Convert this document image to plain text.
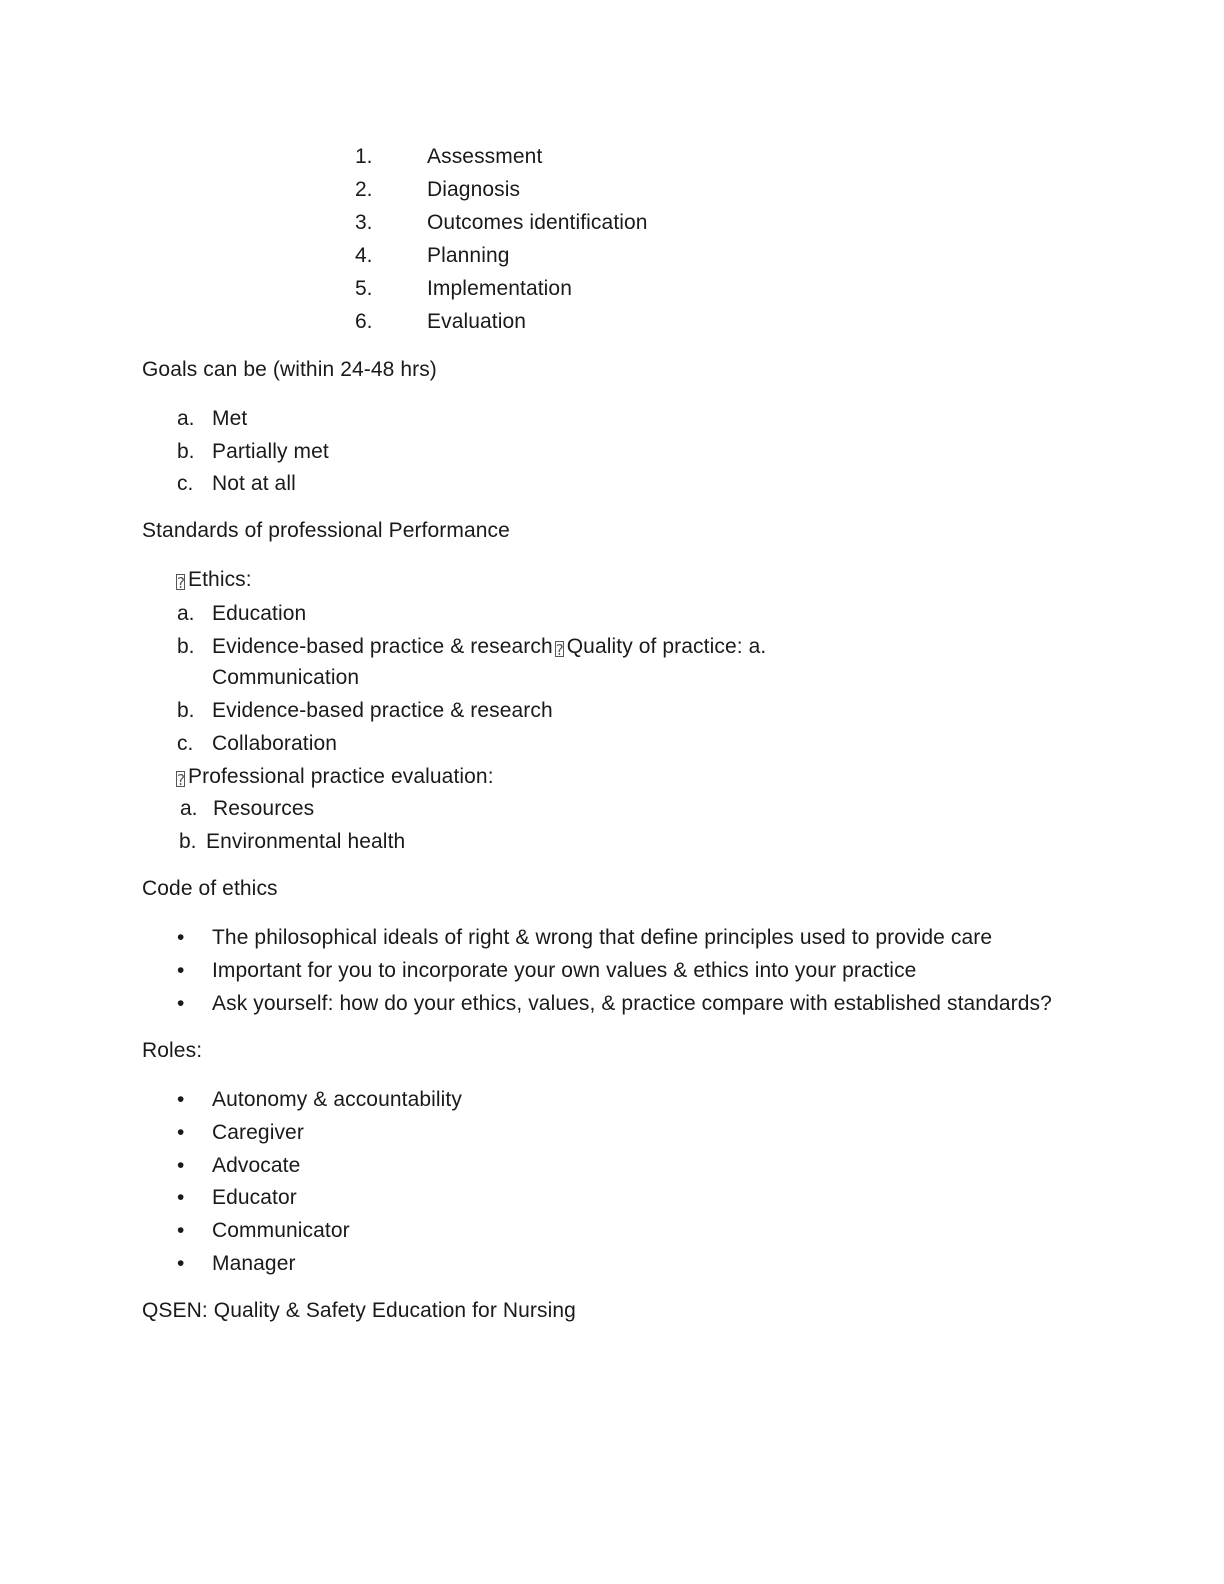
1.	Assessment
2.	Diagnosis
3.	Outcomes identification
4.	Planning
5.	Implementation
6.	Evaluation
Goals can be (within 24-48 hrs)
a. Met
b. Partially met
c. Not at all
Standards of professional Performance
? Ethics:
a. Education
b. Evidence-based practice & research ? Quality of practice: a.
Communication
b. Evidence-based practice & research
c. Collaboration
? Professional practice evaluation:
a. Resources
b. Environmental health
Code of ethics
• The philosophical ideals of right & wrong that define principles used to provide care
• Important for you to incorporate your own values & ethics into your practice
• Ask yourself: how do your ethics, values, & practice compare with established standards?
Roles:
• Autonomy & accountability
• Caregiver
• Advocate
• Educator
• Communicator
• Manager
QSEN: Quality & Safety Education for Nursing
